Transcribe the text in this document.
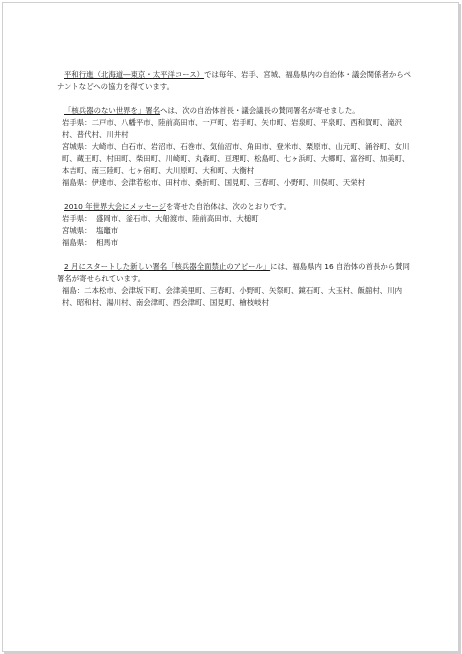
平和行進（北海道―東京・太平洋コース）では毎年、岩手、宮城、福島県内の自治体・議会関係者からペナントなどへの協力を得ています。

「核兵器のない世界を」署名へは、次の自治体首長・議会議長の賛同署名が寄せました。

岩手県：二戸市、八幡平市、陸前高田市、一戸町、岩手町、矢巾町、岩泉町、平泉町、西和賀町、滝沢村、普代村、川井村

宮城県：大崎市、白石市、岩沼市、石巻市、気仙沼市、角田市、登米市、栗原市、山元町、涌谷町、女川町、蔵王町、村田町、柴田町、川崎町、丸森町、亘理町、松島町、七ヶ浜町、大郷町、富谷町、加美町、本吉町、南三陸町、七ヶ宿町、大川原町、大和町、大衡村

福島県：伊達市、会津若松市、田村市、桑折町、国見町、三春町、小野町、川俣町、天栄村

2010 年世界大会にメッセージを寄せた自治体は、次のとおりです。

岩手県： 盛岡市、釜石市、大船渡市、陸前高田市、大槌町

宮城県： 塩竈市

福島県： 相馬市

2 月にスタートした新しい署名「核兵器全面禁止のアピール」には、福島県内 16 自治体の首長から賛同署名が寄せられています。

福島：二本松市、会津坂下町、会津美里町、三春町、小野町、矢祭町、鏡石町、大玉村、飯舘村、川内村、昭和村、湯川村、南会津町、西会津町、国見町、檜枝岐村
